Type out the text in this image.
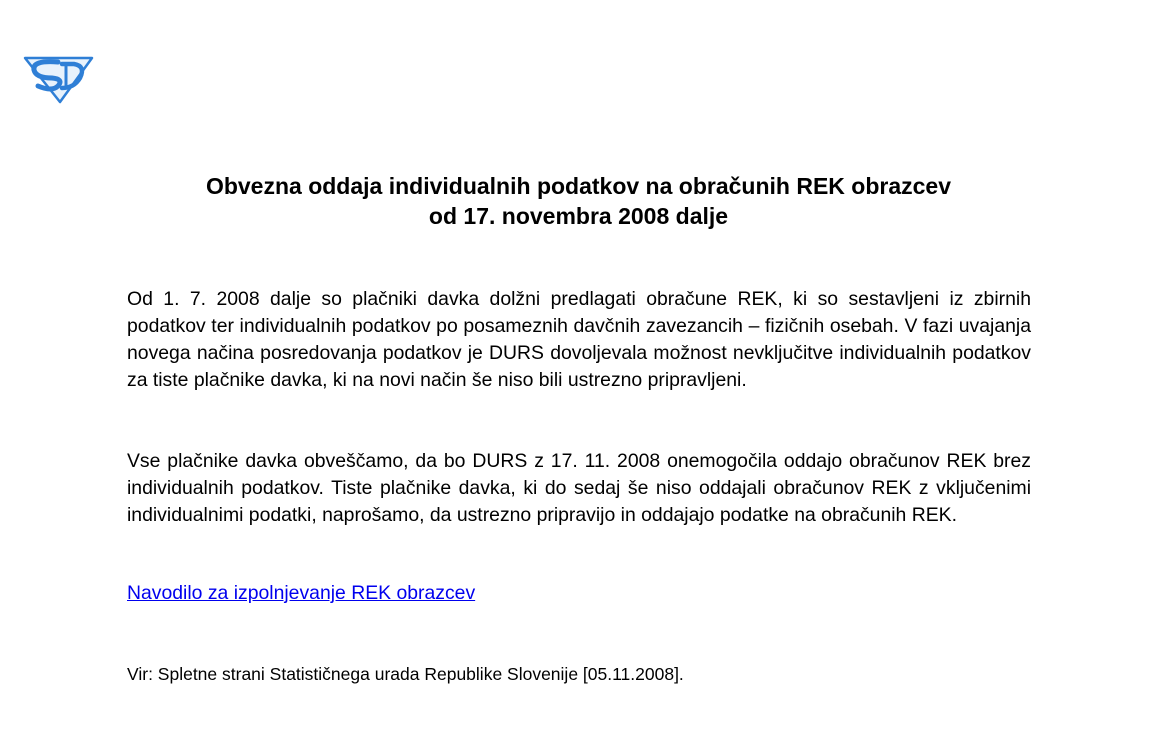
Obvezna oddaja individualnih podatkov na obračunih REK obrazcev
od 17. novembra 2008 dalje

Od 1. 7. 2008 dalje so plačniki davka dolžni predlagati obračune REK, ki so sestavljeni iz zbirnih podatkov ter individualnih podatkov po posameznih davčnih zavezancih – fizičnih osebah. V fazi uvajanja novega načina posredovanja podatkov je DURS dovoljevala možnost nevključitve individualnih podatkov za tiste plačnike davka, ki na novi način še niso bili ustrezno pripravljeni.

Vse plačnike davka obveščamo, da bo DURS z 17. 11. 2008 onemogočila oddajo obračunov REK brez individualnih podatkov. Tiste plačnike davka, ki do sedaj še niso oddajali obračunov REK z vključenimi individualnimi podatki, naprošamo, da ustrezno pripravijo in oddajajo podatke na obračunih REK.

Navodilo za izpolnjevanje REK obrazcev

Vir: Spletne strani Statističnega urada Republike Slovenije [05.11.2008].
